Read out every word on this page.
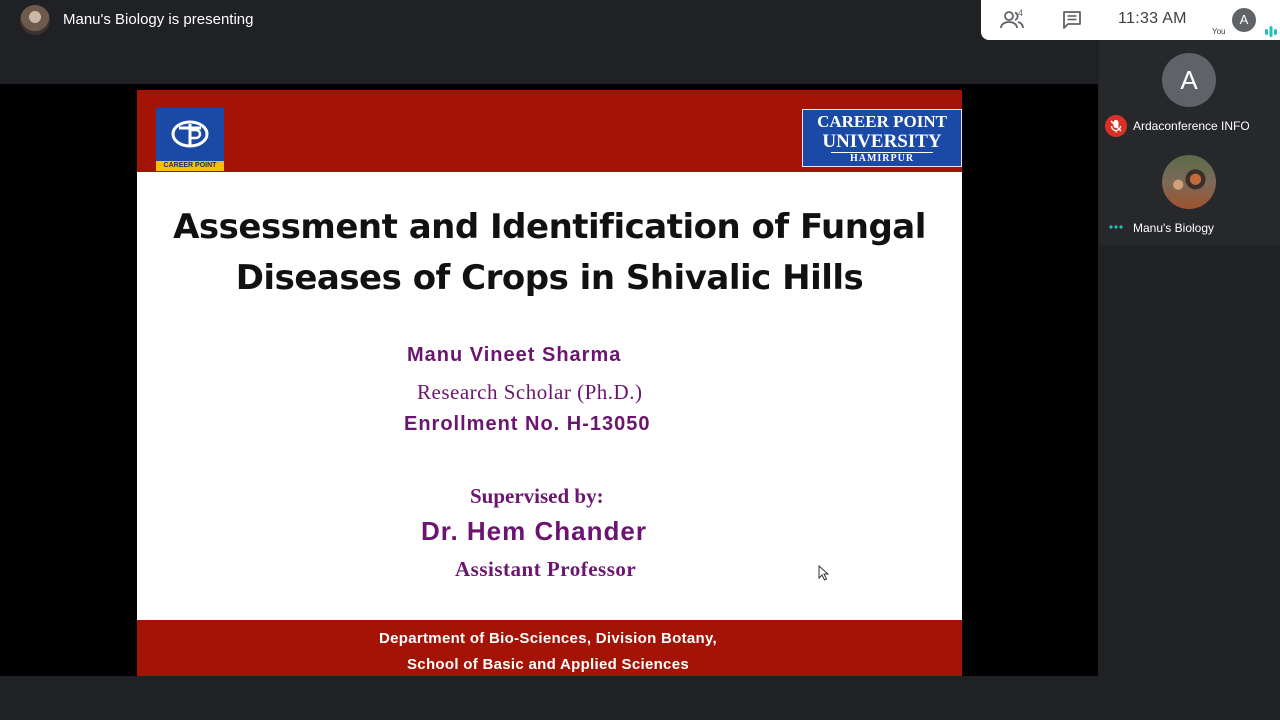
Manu's Biology is presenting	4	11:33 AM	A
You
CAREER POINT
CAREER POINT
UNIVERSITY
HAMIRPUR
Assessment and Identification of Fungal
Diseases of Crops in Shivalic Hills
Manu Vineet Sharma
Research Scholar (Ph.D.)
Enrollment No. H-13050
Supervised by:
Dr. Hem Chander
Assistant Professor
Department of Bio-Sciences, Division Botany,
School of Basic and Applied Sciences
A
Ardaconference INFO
Manu's Biology
